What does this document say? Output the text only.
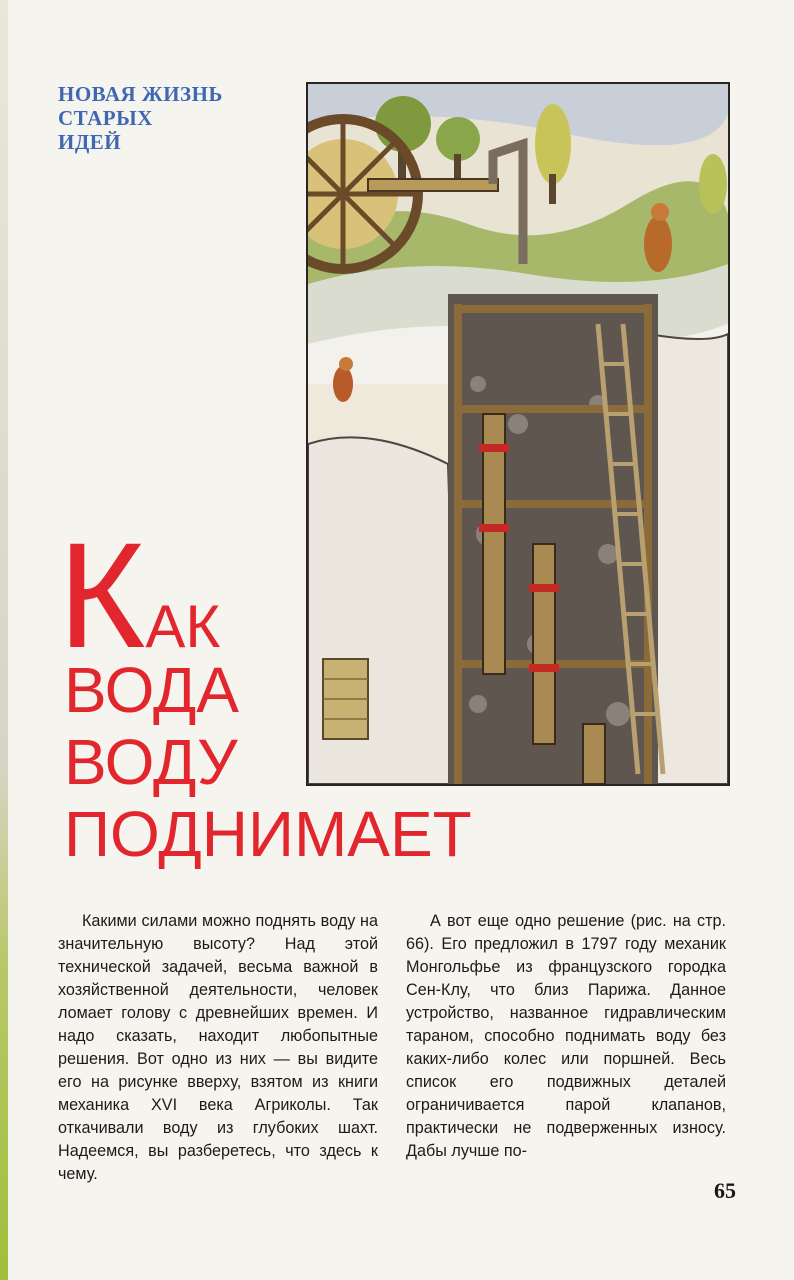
НОВАЯ ЖИЗНЬ
СТАРЫХ
ИДЕЙ
КАК
ВОДА
ВОДУ
ПОДНИМАЕТ

Какими силами можно поднять воду на значительную высоту? Над этой технической задачей, весьма важной в хозяйственной деятельности, человек ломает голову с древнейших времен. И надо сказать, находит любопытные решения. Вот одно из них — вы видите его на рисунке вверху, взятом из книги механика XVI века Агриколы. Так откачивали воду из глубоких шахт. Надеемся, вы разберетесь, что здесь к чему.

А вот еще одно решение (рис. на стр. 66). Его предложил в 1797 году механик Монгольфье из французского городка Сен-Клу, что близ Парижа. Данное устройство, названное гидравлическим тараном, способно поднимать воду без каких-либо колес или поршней. Весь список его подвижных деталей ограничивается парой клапанов, практически не подверженных износу. Дабы лучше по-

65
